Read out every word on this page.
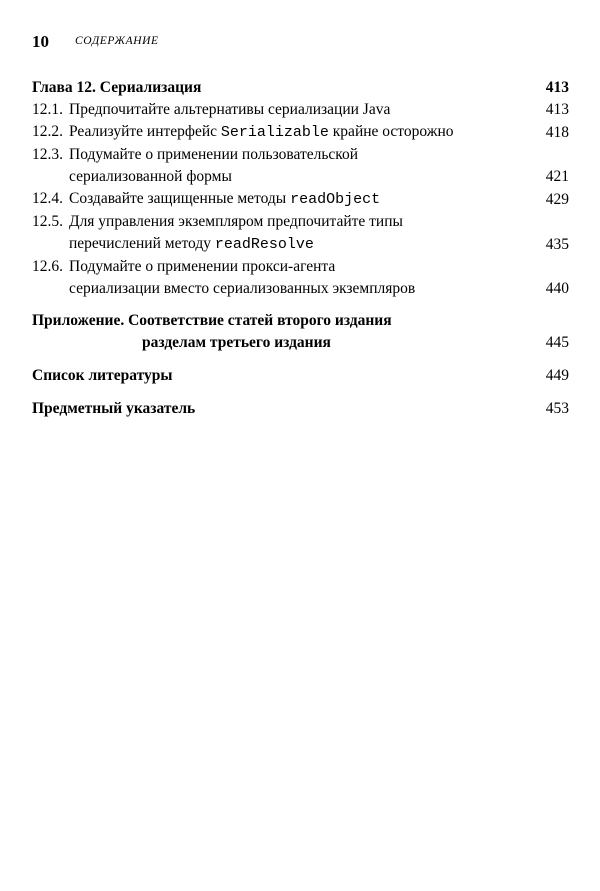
10 СОДЕРЖАНИЕ
Глава 12. Сериализация	413
12.1. Предпочитайте альтернативы сериализации Java	413
12.2. Реализуйте интерфейс Serializable крайне осторожно	418
12.3. Подумайте о применении пользовательской
сериализованной формы	421
12.4. Создавайте защищенные методы readObject	429
12.5. Для управления экземпляром предпочитайте типы
перечислений методу readResolve	435
12.6. Подумайте о применении прокси-агента
сериализации вместо сериализованных экземпляров	440
Приложение. Соответствие статей второго издания
разделам третьего издания	445
Список литературы	449
Предметный указатель	453
